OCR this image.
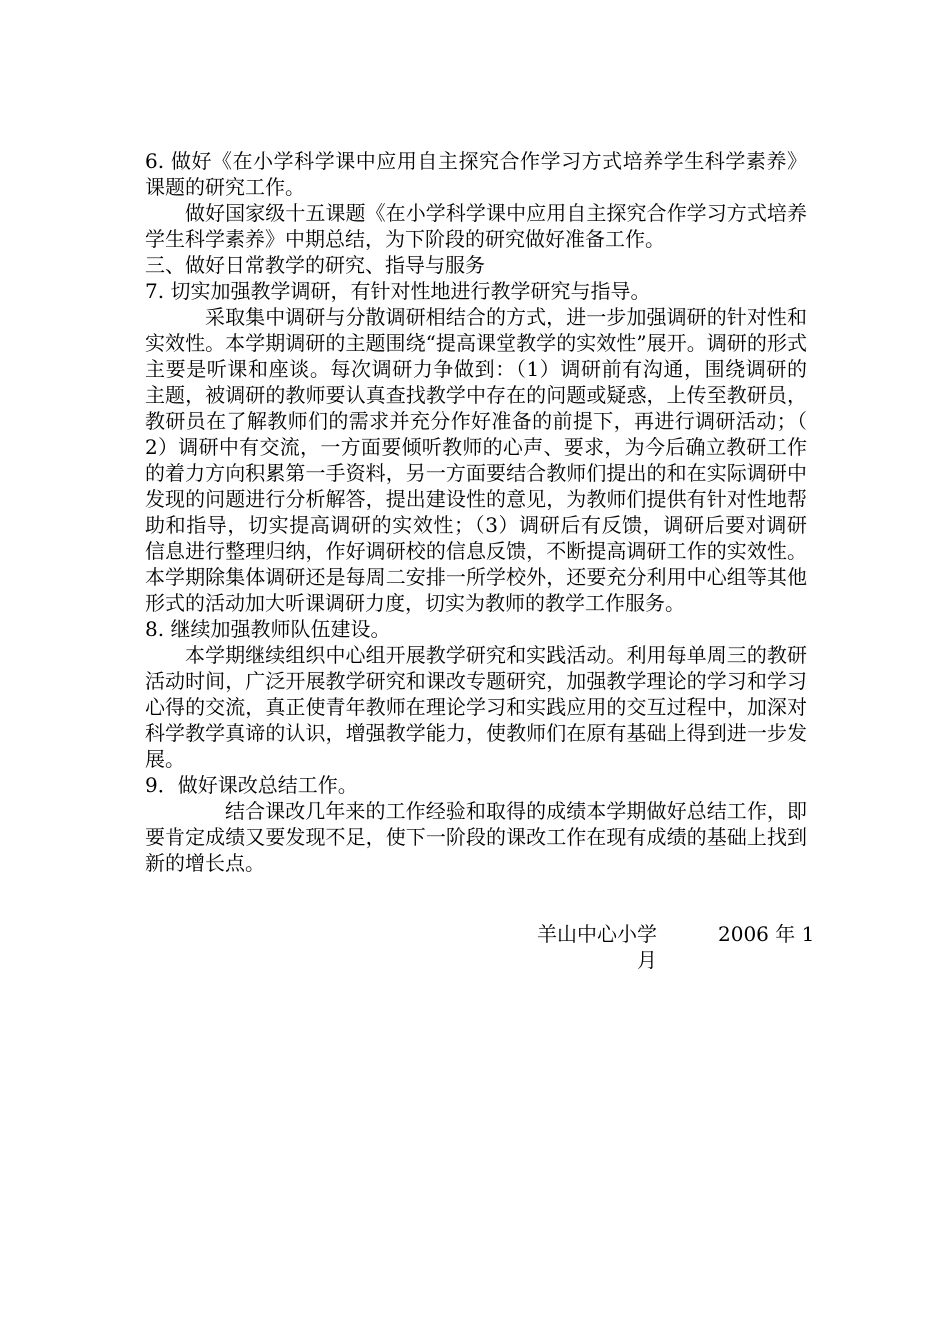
6. 做好《在小学科学课中应用自主探究合作学习方式培养学生科学素养》课题的研究工作。

做好国家级十五课题《在小学科学课中应用自主探究合作学习方式培养学生科学素养》中期总结，为下阶段的研究做好准备工作。

三、做好日常教学的研究、指导与服务

7. 切实加强教学调研，有针对性地进行教学研究与指导。

采取集中调研与分散调研相结合的方式，进一步加强调研的针对性和实效性。本学期调研的主题围绕“提高课堂教学的实效性”展开。调研的形式主要是听课和座谈。每次调研力争做到：（1）调研前有沟通，围绕调研的主题，被调研的教师要认真查找教学中存在的问题或疑惑，上传至教研员，教研员在了解教师们的需求并充分作好准备的前提下，再进行调研活动；（2）调研中有交流，一方面要倾听教师的心声、要求，为今后确立教研工作的着力方向积累第一手资料，另一方面要结合教师们提出的和在实际调研中发现的问题进行分析解答，提出建设性的意见，为教师们提供有针对性地帮助和指导，切实提高调研的实效性；（3）调研后有反馈，调研后要对调研信息进行整理归纳，作好调研校的信息反馈，不断提高调研工作的实效性。本学期除集体调研还是每周二安排一所学校外，还要充分利用中心组等其他形式的活动加大听课调研力度，切实为教师的教学工作服务。

8. 继续加强教师队伍建设。

本学期继续组织中心组开展教学研究和实践活动。利用每单周三的教研活动时间，广泛开展教学研究和课改专题研究，加强教学理论的学习和学习心得的交流，真正使青年教师在理论学习和实践应用的交互过程中，加深对科学教学真谛的认识，增强教学能力，使教师们在原有基础上得到进一步发展。

9．做好课改总结工作。

结合课改几年来的工作经验和取得的成绩本学期做好总结工作，即要肯定成绩又要发现不足，使下一阶段的课改工作在现有成绩的基础上找到新的增长点。

羊山中心小学	2006 年 1
月
